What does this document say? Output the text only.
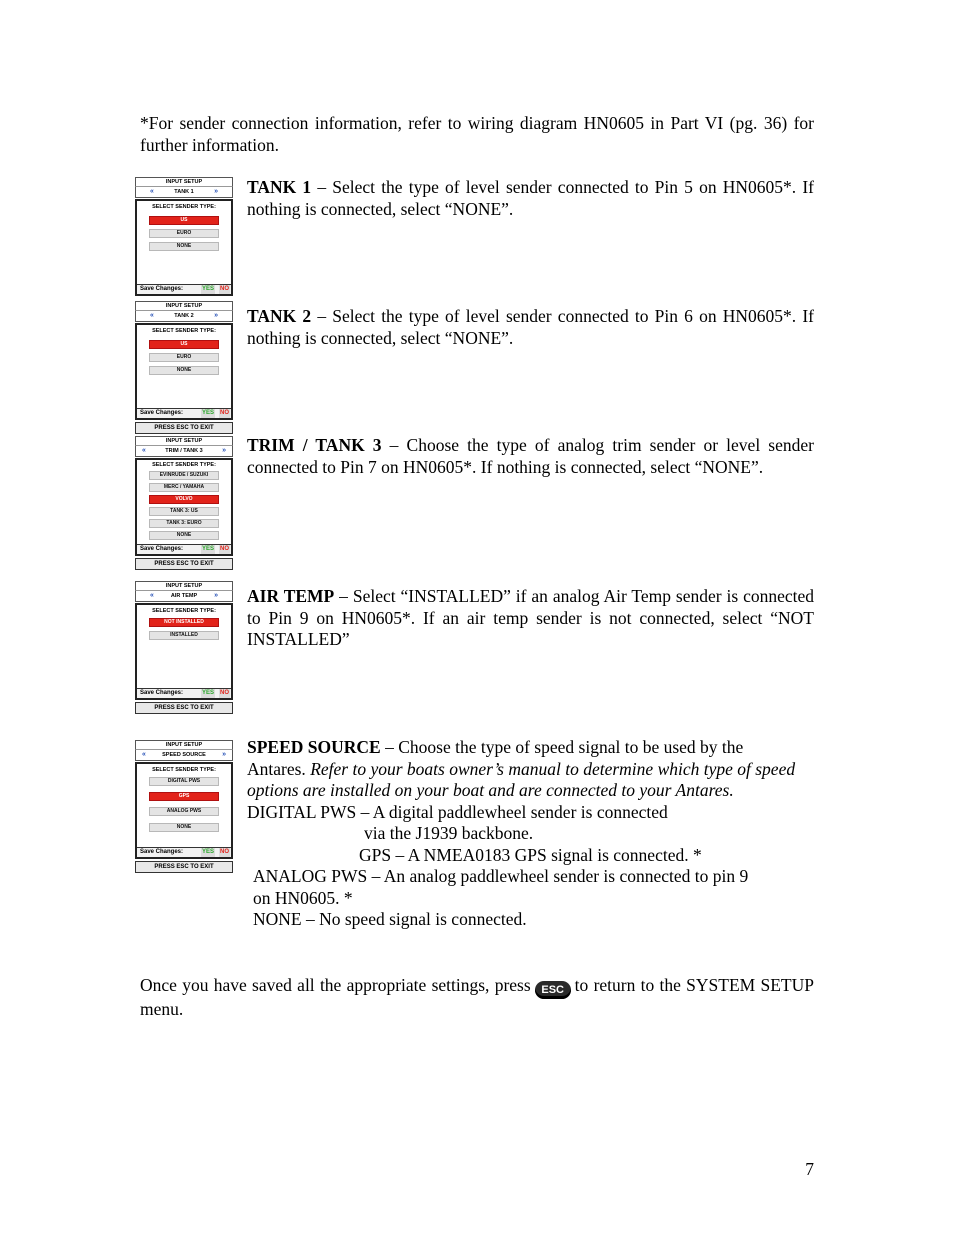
*For sender connection information, refer to wiring diagram HN0605 in Part VI (pg. 36) for further information.

INPUT SETUP
«	TANK 1	»
SELECT SENDER TYPE:
US
EURO
NONE
Save Changes:	YES NO

TANK 1 – Select the type of level sender connected to Pin 5 on HN0605*. If nothing is connected, select “NONE”.

INPUT SETUP
«	TANK 2	»
SELECT SENDER TYPE:
US
EURO
NONE
Save Changes:	YES NO
PRESS ESC TO EXIT

TANK 2 – Select the type of level sender connected to Pin 6 on HN0605*. If nothing is connected, select “NONE”.

INPUT SETUP
«	TRIM / TANK 3	»
SELECT SENDER TYPE:
EVINRUDE / SUZUKI
MERC / YAMAHA
VOLVO
TANK 3: US
TANK 3: EURO
NONE
Save Changes:	YES NO
PRESS ESC TO EXIT

TRIM / TANK 3 – Choose the type of analog trim sender or level sender connected to Pin 7 on HN0605*. If nothing is connected, select “NONE”.

INPUT SETUP
«	AIR TEMP »
SELECT SENDER TYPE:
NOT INSTALLED
INSTALLED
Save Changes:	YES NO
PRESS ESC TO EXIT

AIR TEMP – Select “INSTALLED” if an analog Air Temp sender is connected to Pin 9 on HN0605*. If an air temp sender is not connected, select “NOT INSTALLED”

INPUT SETUP
«	SPEED SOURCE »
SELECT SENDER TYPE:
DIGITAL PWS
GPS
ANALOG PWS
NONE
Save Changes:	YES NO
PRESS ESC TO EXIT
SPEED SOURCE – Choose the type of speed signal to be used by the
Antares. Refer to your boats owner’s manual to determine which type of speed options are installed on your boat and are connected to your Antares.
DIGITAL PWS – A digital paddlewheel sender is connected
via the J1939 backbone.
GPS – A NMEA0183 GPS signal is connected. *
ANALOG PWS – An analog paddlewheel sender is connected to pin 9
on HN0605. *
NONE – No speed signal is connected.

Once you have saved all the appropriate settings, press ESC to return to the SYSTEM SETUP menu.

7
